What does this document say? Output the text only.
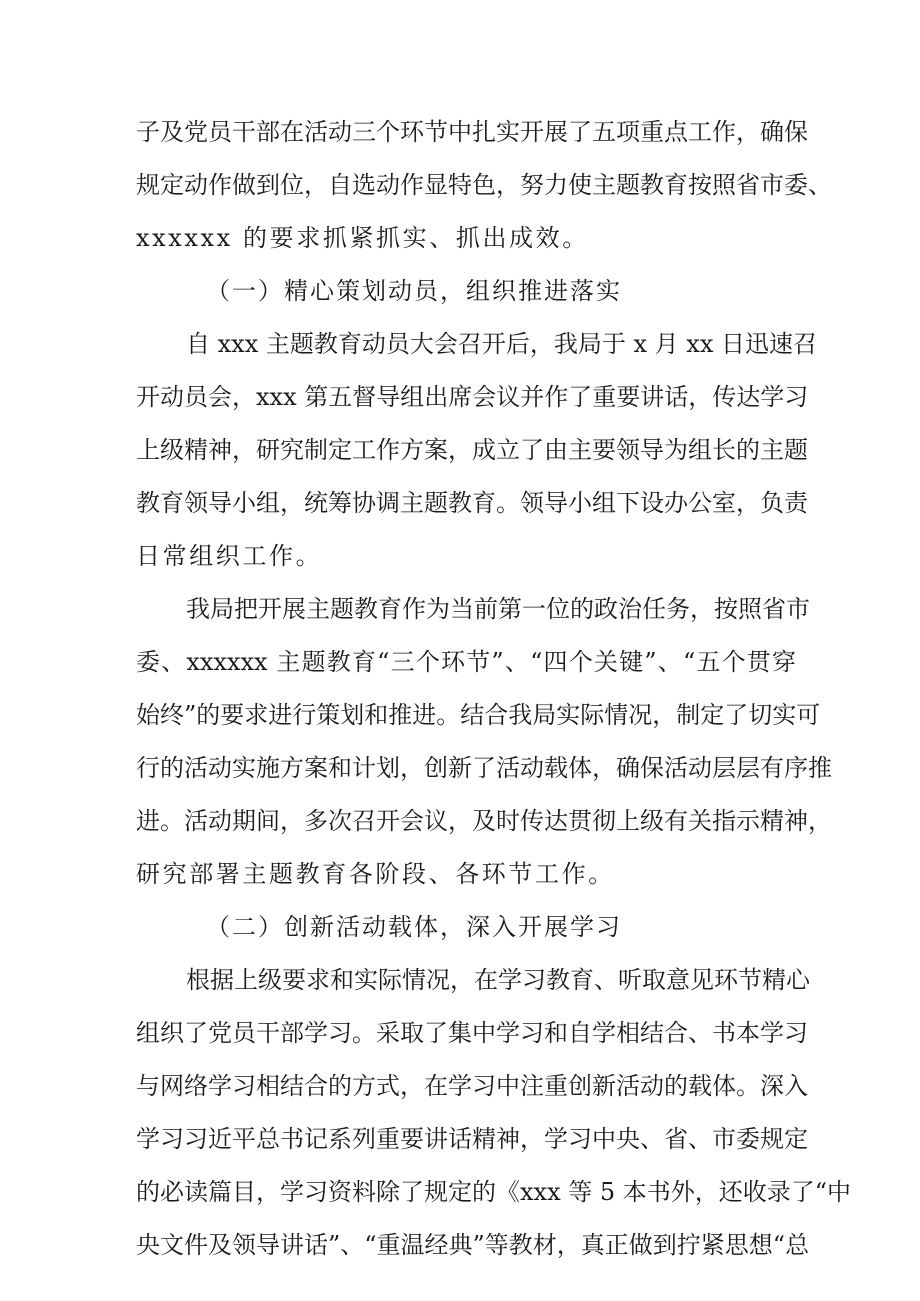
子及党员干部在活动三个环节中扎实开展了五项重点工作，确保
规定动作做到位，自选动作显特色，努力使主题教育按照省市委、
xxxxxx 的要求抓紧抓实、抓出成效。
（一）精心策划动员，组织推进落实
自 xxx 主题教育动员大会召开后，我局于 x 月 xx 日迅速召
开动员会，xxx 第五督导组出席会议并作了重要讲话，传达学习
上级精神，研究制定工作方案，成立了由主要领导为组长的主题
教育领导小组，统筹协调主题教育。领导小组下设办公室，负责
日常组织工作。
我局把开展主题教育作为当前第一位的政治任务，按照省市
委、xxxxxx 主题教育“三个环节”、“四个关键”、“五个贯穿
始终”的要求进行策划和推进。结合我局实际情况，制定了切实可
行的活动实施方案和计划，创新了活动载体，确保活动层层有序推
进。活动期间，多次召开会议，及时传达贯彻上级有关指示精神，
研究部署主题教育各阶段、各环节工作。
（二）创新活动载体，深入开展学习
根据上级要求和实际情况，在学习教育、听取意见环节精心
组织了党员干部学习。采取了集中学习和自学相结合、书本学习
与网络学习相结合的方式，在学习中注重创新活动的载体。深入
学习习近平总书记系列重要讲话精神，学习中央、省、市委规定
的必读篇目，学习资料除了规定的《xxx 等 5 本书外，还收录了“中
央文件及领导讲话”、“重温经典”等教材，真正做到拧紧思想“总
